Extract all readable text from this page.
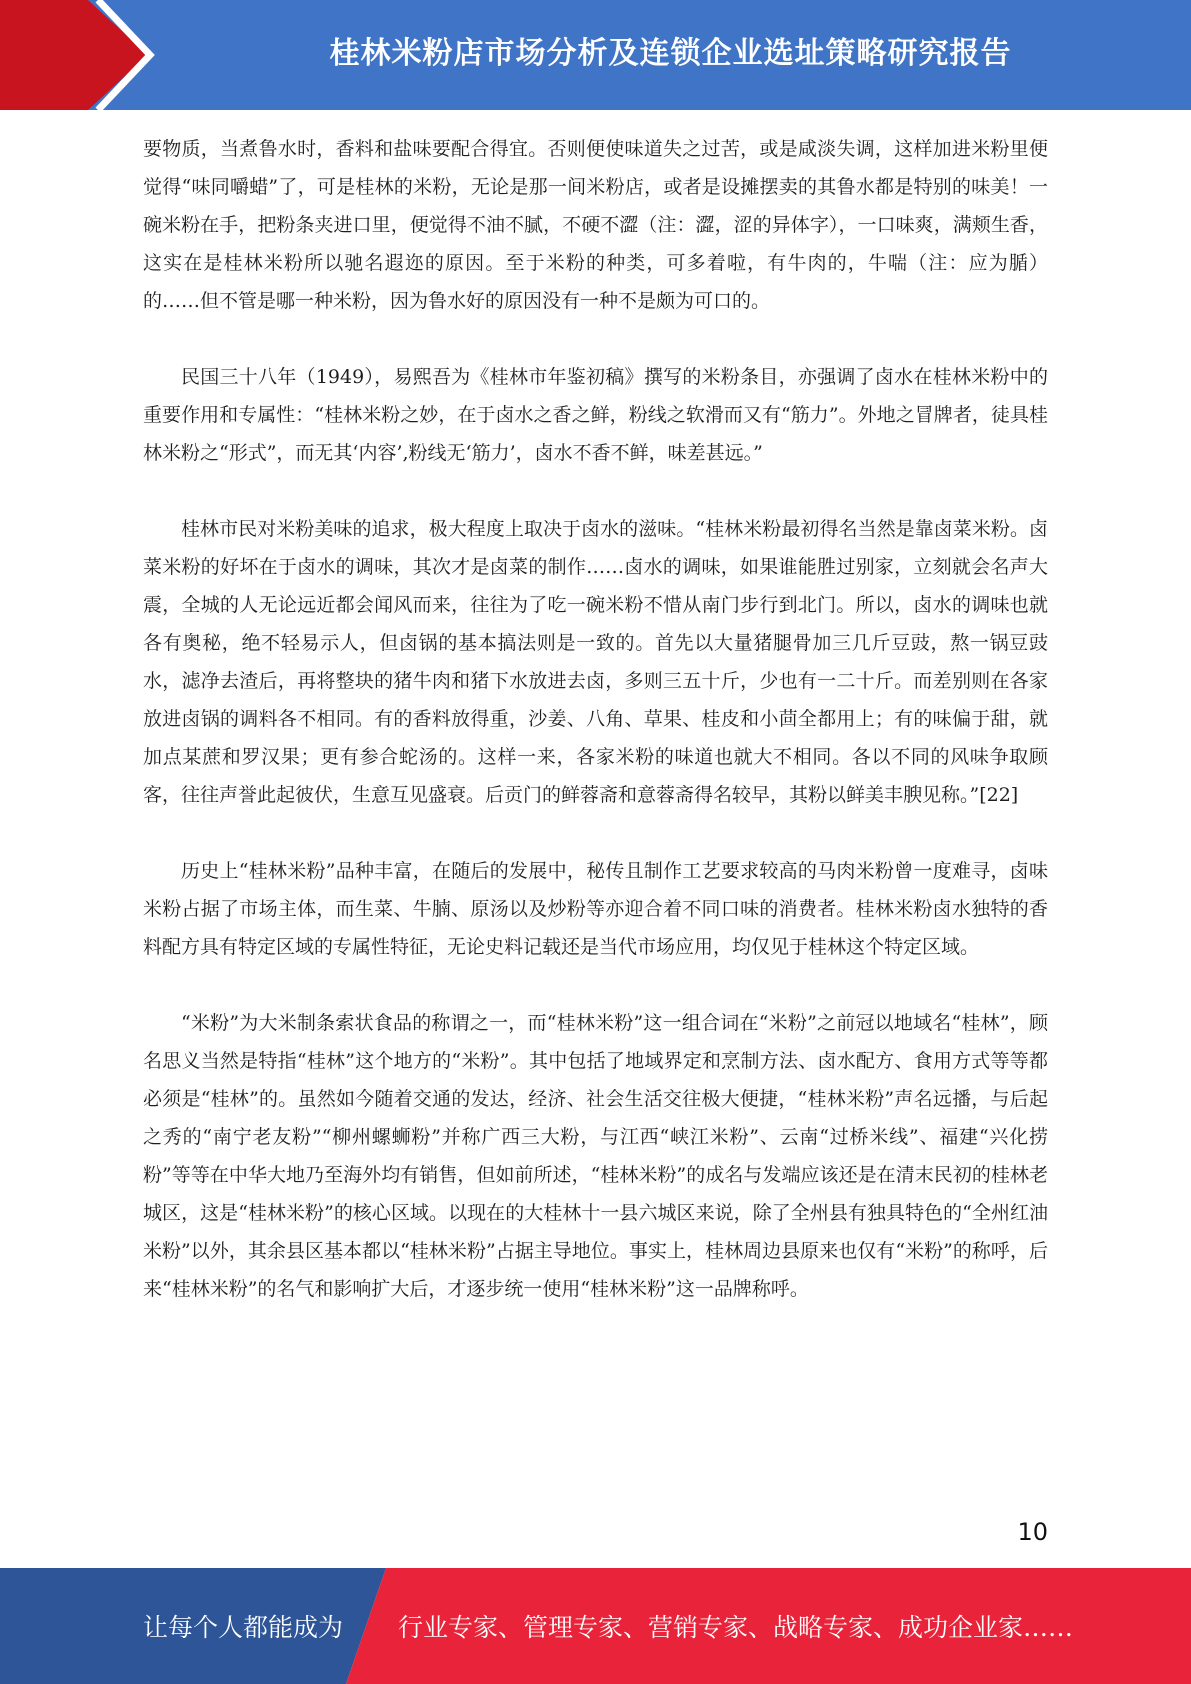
桂林米粉店市场分析及连锁企业选址策略研究报告

要物质，当煮鲁水时，香料和盐味要配合得宜。否则便使味道失之过苦，或是咸淡失调，这样加进米粉里便觉得“味同嚼蜡”了，可是桂林的米粉，无论是那一间米粉店，或者是设摊摆卖的其鲁水都是特别的味美！一碗米粉在手，把粉条夹进口里，便觉得不油不腻，不硬不澀（注：澀，涩的异体字），一口味爽，满颊生香，这实在是桂林米粉所以驰名遐迩的原因。至于米粉的种类，可多着啦，有牛肉的，牛喘（注：应为腯）的……但不管是哪一种米粉，因为鲁水好的原因没有一种不是颇为可口的。

民国三十八年（1949），易熙吾为《桂林市年鉴初稿》撰写的米粉条目，亦强调了卤水在桂林米粉中的重要作用和专属性：“桂林米粉之妙，在于卤水之香之鲜，粉线之软滑而又有“筋力”。外地之冒牌者，徒具桂林米粉之“形式”，而无其‘内容’,粉线无‘筋力’，卤水不香不鲜，味差甚远。”

桂林市民对米粉美味的追求，极大程度上取决于卤水的滋味。“桂林米粉最初得名当然是靠卤菜米粉。卤菜米粉的好坏在于卤水的调味，其次才是卤菜的制作……卤水的调味，如果谁能胜过别家，立刻就会名声大震，全城的人无论远近都会闻风而来，往往为了吃一碗米粉不惜从南门步行到北门。所以，卤水的调味也就各有奥秘，绝不轻易示人，但卤锅的基本搞法则是一致的。首先以大量猪腿骨加三几斤豆豉，熬一锅豆豉水，滤净去渣后，再将整块的猪牛肉和猪下水放进去卤，多则三五十斤，少也有一二十斤。而差别则在各家放进卤锅的调料各不相同。有的香料放得重，沙姜、八角、草果、桂皮和小茴全都用上；有的味偏于甜，就加点某蔗和罗汉果；更有参合蛇汤的。这样一来，各家米粉的味道也就大不相同。各以不同的风味争取顾客，往往声誉此起彼伏，生意互见盛衰。后贡门的鲜蓉斋和意蓉斋得名较早，其粉以鲜美丰腴见称。”[22]

历史上“桂林米粉”品种丰富，在随后的发展中，秘传且制作工艺要求较高的马肉米粉曾一度难寻，卤味米粉占据了市场主体，而生菜、牛腩、原汤以及炒粉等亦迎合着不同口味的消费者。桂林米粉卤水独特的香料配方具有特定区域的专属性特征，无论史料记载还是当代市场应用，均仅见于桂林这个特定区域。

“米粉”为大米制条索状食品的称谓之一，而“桂林米粉”这一组合词在“米粉”之前冠以地域名“桂林”，顾名思义当然是特指“桂林”这个地方的“米粉”。其中包括了地域界定和烹制方法、卤水配方、食用方式等等都必须是“桂林”的。虽然如今随着交通的发达，经济、社会生活交往极大便捷，“桂林米粉”声名远播，与后起之秀的“南宁老友粉”“柳州螺蛳粉”并称广西三大粉，与江西“峡江米粉”、云南“过桥米线”、福建“兴化捞粉”等等在中华大地乃至海外均有销售，但如前所述，“桂林米粉”的成名与发端应该还是在清末民初的桂林老城区，这是“桂林米粉”的核心区域。以现在的大桂林十一县六城区来说，除了全州县有独具特色的“全州红油米粉”以外，其余县区基本都以“桂林米粉”占据主导地位。事实上，桂林周边县原来也仅有“米粉”的称呼，后来“桂林米粉”的名气和影响扩大后，才逐步统一使用“桂林米粉”这一品牌称呼。

10
让每个人都能成为 行业专家、管理专家、营销专家、战略专家、成功企业家……
